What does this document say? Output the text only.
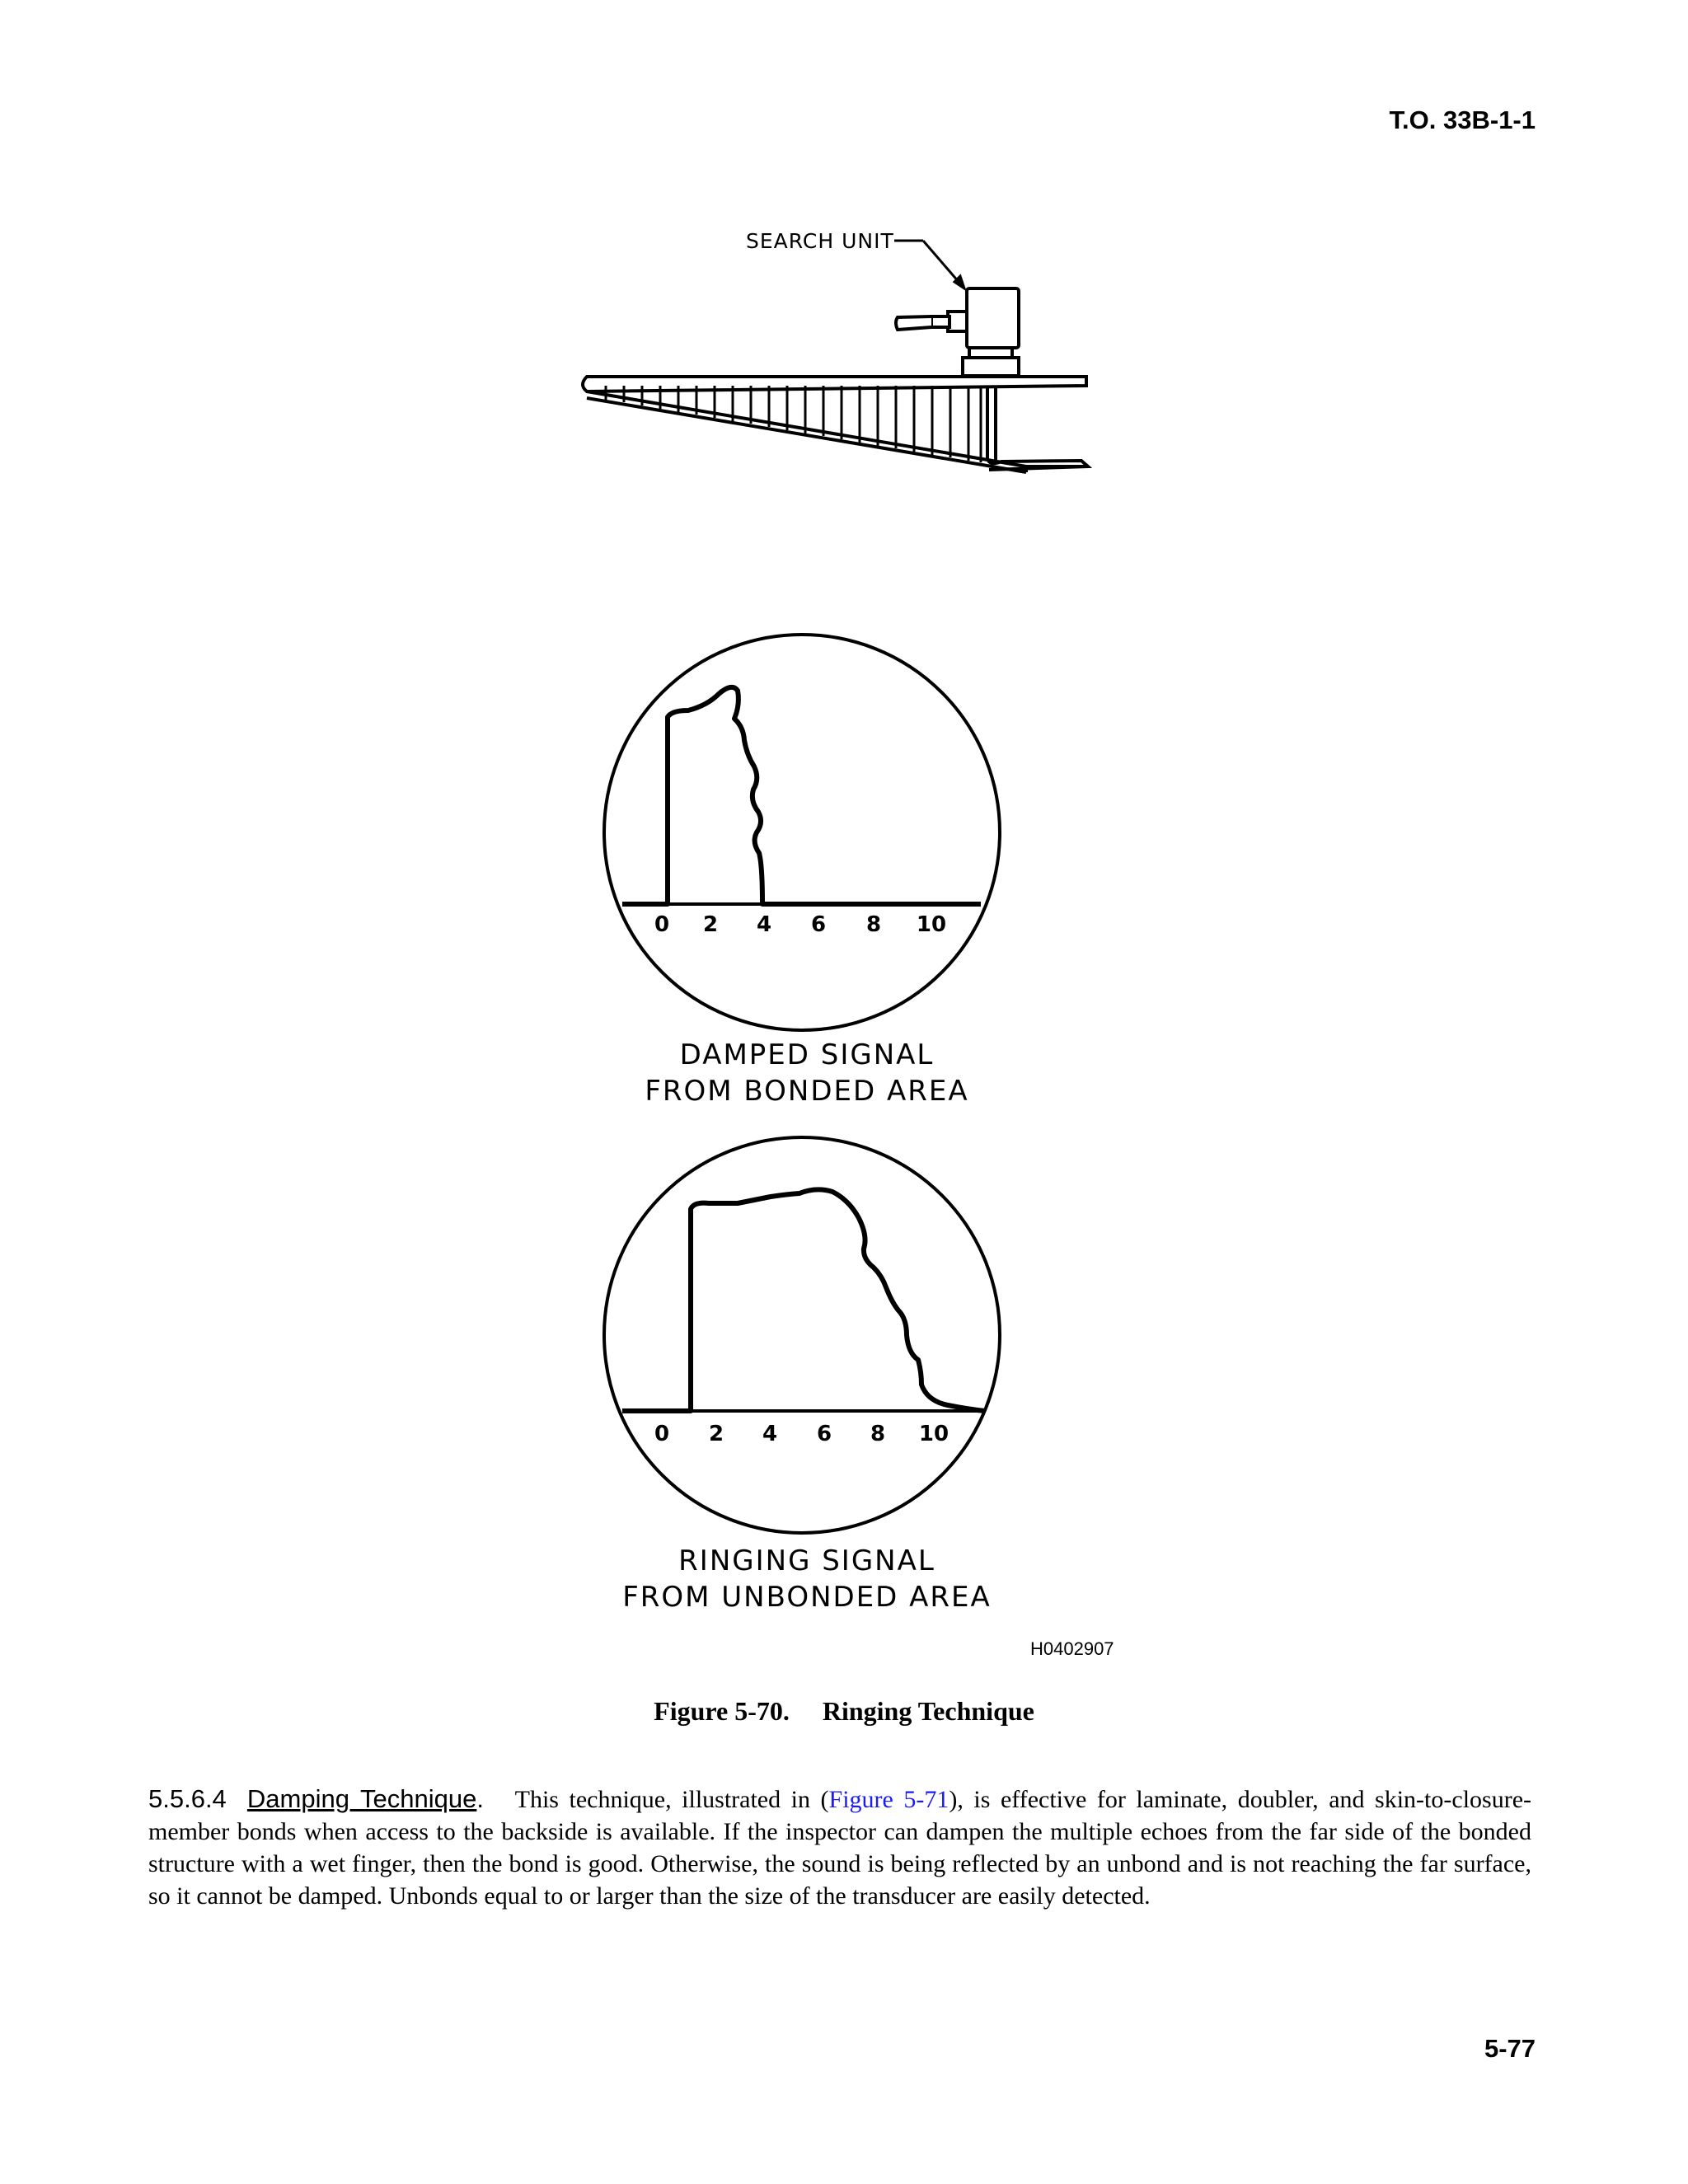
T.O. 33B-1-1
SEARCH UNIT
0 2 4 6 8 10
0 2 4 6 8 10
DAMPED SIGNAL
FROM BONDED AREA
RINGING SIGNAL
FROM UNBONDED AREA
H0402907
Figure 5-70. Ringing Technique
5.5.6.4 Damping Technique. This technique, illustrated in (Figure 5-71), is effective for laminate, doubler, and skin-to-closure-member bonds when access to the backside is available. If the inspector can dampen the multiple echoes from the far side of the bonded structure with a wet finger, then the bond is good. Otherwise, the sound is being reflected by an unbond and is not reaching the far surface, so it cannot be damped. Unbonds equal to or larger than the size of the transducer are easily detected.
5-77
